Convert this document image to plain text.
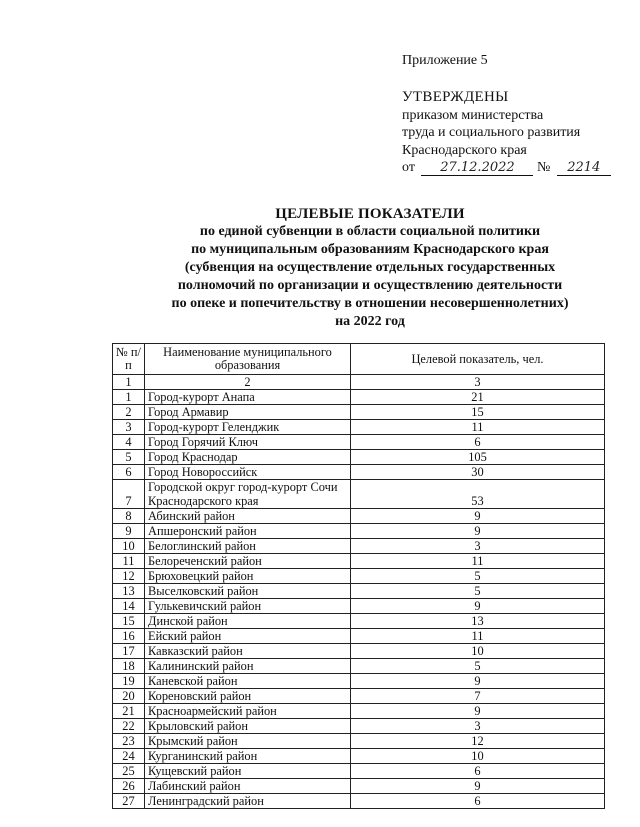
Приложение 5
УТВЕРЖДЕНЫ
приказом министерства
труда и социального развития
Краснодарского края
от 27.12.2022 № 2214
ЦЕЛЕВЫЕ ПОКАЗАТЕЛИ
по единой субвенции в области социальной политики
по муниципальным образованиям Краснодарского края
(субвенция на осуществление отдельных государственных
полномочий по организации и осуществлению деятельности
по опеке и попечительству в отношении несовершеннолетних)
на 2022 год
№ п/п	Наименование муниципального образования	Целевой показатель, чел.
1	2	3
1	Город-курорт Анапа	21
2	Город Армавир	15
3	Город-курорт Геленджик	11
4	Город Горячий Ключ	6
5	Город Краснодар	105
6	Город Новороссийск	30
7	Городской округ город-курорт Сочи Краснодарского края	53
8	Абинский район	9
9	Апшеронский район	9
10	Белоглинский район	3
11	Белореченский район	11
12	Брюховецкий район	5
13	Выселковский район	5
14	Гулькевичский район	9
15	Динской район	13
16	Ейский район	11
17	Кавказский район	10
18	Калининский район	5
19	Каневской район	9
20	Кореновский район	7
21	Красноармейский район	9
22	Крыловский район	3
23	Крымский район	12
24	Курганинский район	10
25	Кущевский район	6
26	Лабинский район	9
27	Ленинградский район	6
